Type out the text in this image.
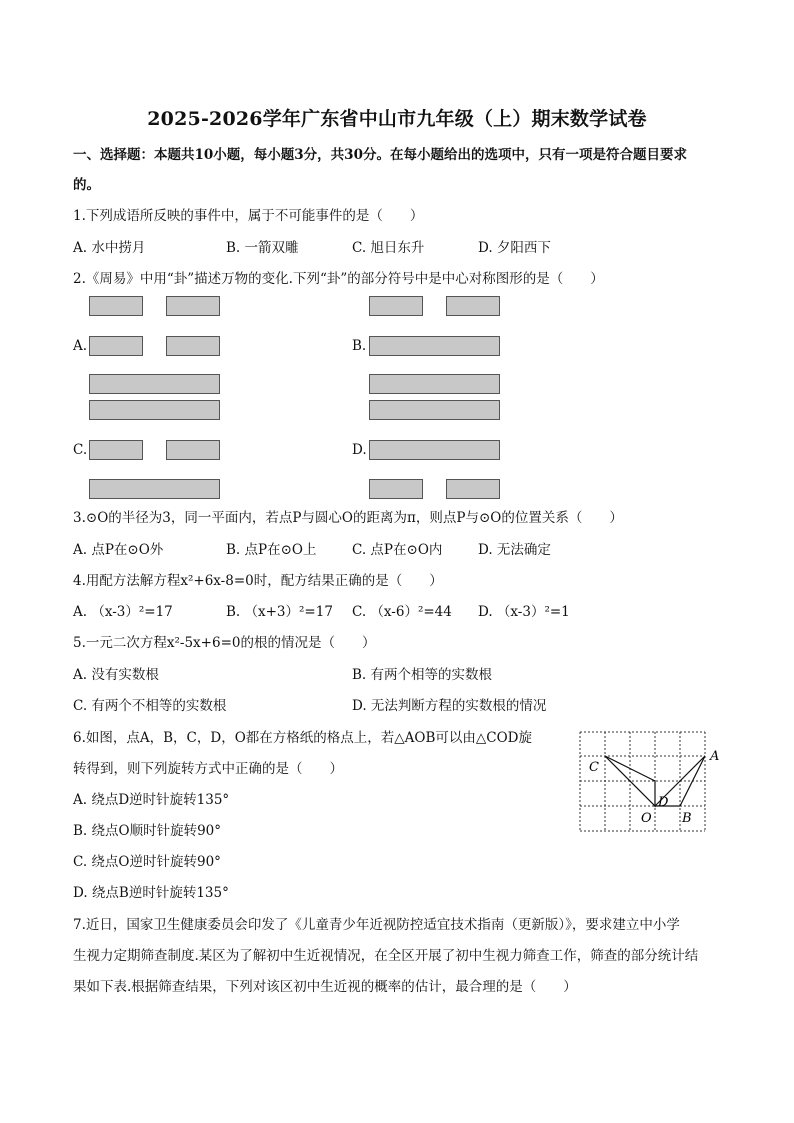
2025-2026学年广东省中山市九年级（上）期末数学试卷
一、选择题：本题共10小题，每小题3分，共30分。在每小题给出的选项中，只有一项是符合题目要求
的。
1.下列成语所反映的事件中，属于不可能事件的是（　　）
A. 水中捞月	B. 一箭双雕	C. 旭日东升	D. 夕阳西下
2.《周易》中用“卦”描述万物的变化.下列“卦”的部分符号中是中心对称图形的是（　　）
A.	B.
C.	D.
3.⊙O的半径为3，同一平面内，若点P与圆心O的距离为π，则点P与⊙O的位置关系（　　）
A. 点P在⊙O外	B. 点P在⊙O上	C. 点P在⊙O内	D. 无法确定
4.用配方法解方程x²+6x-8=0时，配方结果正确的是（　　）
A. （x-3）²=17	B. （x+3）²=17 C. （x-6）²=44 D. （x-3）²=1
5.一元二次方程x²-5x+6=0的根的情况是（　　）
A. 没有实数根	B. 有两个相等的实数根
C. 有两个不相等的实数根	D. 无法判断方程的实数根的情况
6.如图，点A，B，C，D，O都在方格纸的格点上，若△AOB可以由△COD旋
转得到，则下列旋转方式中正确的是（　　）
A. 绕点D逆时针旋转135°
B. 绕点O顺时针旋转90°
C. 绕点O逆时针旋转90°
D. 绕点B逆时针旋转135°
C
D
O B
A
7.近日，国家卫生健康委员会印发了《儿童青少年近视防控适宜技术指南（更新版）》，要求建立中小学
生视力定期筛查制度.某区为了解初中生近视情况，在全区开展了初中生视力筛查工作，筛查的部分统计结
果如下表.根据筛查结果，下列对该区初中生近视的概率的估计，最合理的是（　　）
